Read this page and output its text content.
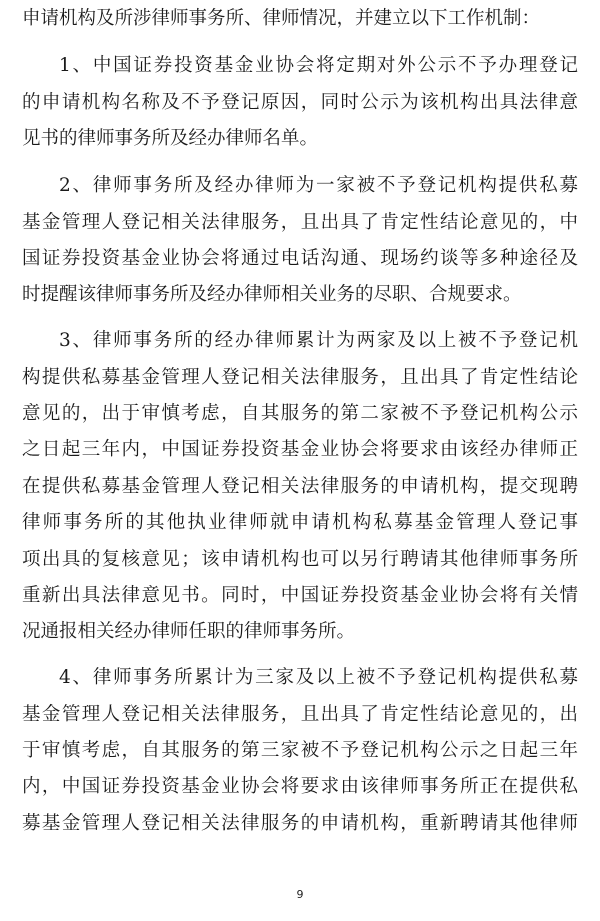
申请机构及所涉律师事务所、律师情况，并建立以下工作机制：
1、中国证券投资基金业协会将定期对外公示不予办理登记
的申请机构名称及不予登记原因，同时公示为该机构出具法律意
见书的律师事务所及经办律师名单。
2、律师事务所及经办律师为一家被不予登记机构提供私募
基金管理人登记相关法律服务，且出具了肯定性结论意见的，中
国证券投资基金业协会将通过电话沟通、现场约谈等多种途径及
时提醒该律师事务所及经办律师相关业务的尽职、合规要求。
3、律师事务所的经办律师累计为两家及以上被不予登记机
构提供私募基金管理人登记相关法律服务，且出具了肯定性结论
意见的，出于审慎考虑，自其服务的第二家被不予登记机构公示
之日起三年内，中国证券投资基金业协会将要求由该经办律师正
在提供私募基金管理人登记相关法律服务的申请机构，提交现聘
律师事务所的其他执业律师就申请机构私募基金管理人登记事
项出具的复核意见；该申请机构也可以另行聘请其他律师事务所
重新出具法律意见书。同时，中国证券投资基金业协会将有关情
况通报相关经办律师任职的律师事务所。
4、律师事务所累计为三家及以上被不予登记机构提供私募
基金管理人登记相关法律服务，且出具了肯定性结论意见的，出
于审慎考虑，自其服务的第三家被不予登记机构公示之日起三年
内，中国证券投资基金业协会将要求由该律师事务所正在提供私
募基金管理人登记相关法律服务的申请机构，重新聘请其他律师
9
